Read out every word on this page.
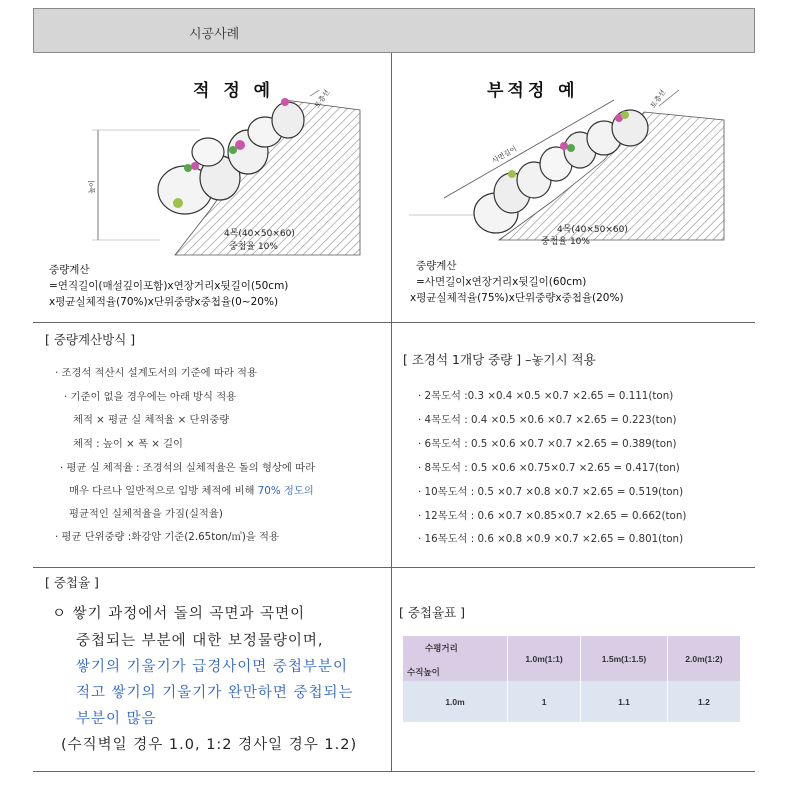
시공사례
적 정 예	토층선
높이
4목(40×50×60)
중첩율 10%
중량계산
=연직길이(매설깊이포함)x연장거리x뒷길이(50cm)
x평균실체적율(70%)x단위중량x중첩율(0~20%)
부적정 예
사면길이
토층선
4목(40×50×60)
중첩율 10%
중량계산
=사면길이x연장거리x뒷길이(60cm)
x평균실체적율(75%)x단위중량x중첩율(20%)
[ 중량계산방식 ]
· 조경석 적산시 설계도서의 기준에 따라 적용
· 기준이 없을 경우에는 아래 방식 적용
체적 × 평균 실 체적율 × 단위중량
체적 : 높이 × 폭 × 길이
· 평균 실 체적율 : 조경석의 실체적율은 돌의 형상에 따라
매우 다르나 일반적으로 입방 체적에 비해 70% 정도의
평균적인 실체적율을 가짐(실적율)
· 평균 단위중량 :화강암 기준(2.65ton/㎥)을 적용
[ 조경석 1개당 중량 ] –놓기시 적용
· 2목도석 :0.3 ×0.4 ×0.5 ×0.7 ×2.65 = 0.111(ton)
· 4목도석 : 0.4 ×0.5 ×0.6 ×0.7 ×2.65 = 0.223(ton)
· 6목도석 : 0.5 ×0.6 ×0.7 ×0.7 ×2.65 = 0.389(ton)
· 8목도석 : 0.5 ×0.6 ×0.75×0.7 ×2.65 = 0.417(ton)
· 10목도석 : 0.5 ×0.7 ×0.8 ×0.7 ×2.65 = 0.519(ton)
· 12목도석 : 0.6 ×0.7 ×0.85×0.7 ×2.65 = 0.662(ton)
· 16목도석 : 0.6 ×0.8 ×0.9 ×0.7 ×2.65 = 0.801(ton)
[ 중첩율 ]
ㅇ 쌓기 과정에서 돌의 곡면과 곡면이
중첩되는 부분에 대한 보정물량이며,
쌓기의 기울기가 급경사이면 중첩부분이
적고 쌓기의 기울기가 완만하면 중첩되는
부분이 많음
(수직벽일 경우 1.0, 1:2 경사일 경우 1.2)
[ 중첩율표 ]
수평거리
수직높이	1.0m(1:1)	1.5m(1:1.5)	2.0m(1:2)
1.0m	1	1.1	1.2
